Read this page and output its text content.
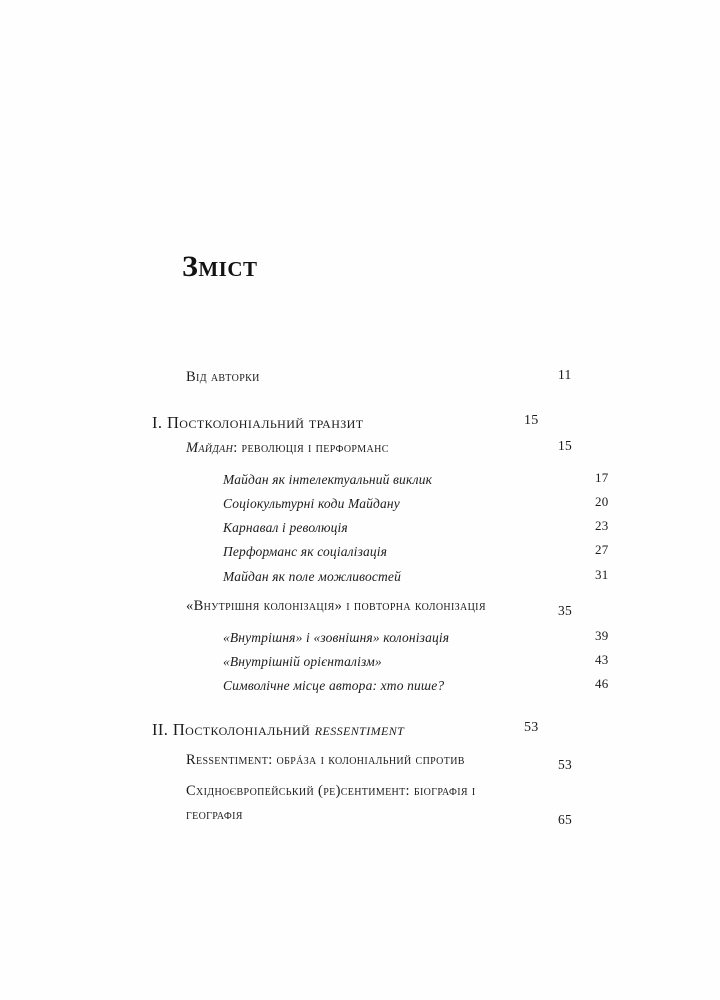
Зміст
Від авторки	11
I. Постколоніальний транзит	15
Майдан: революція і перформанс	15
Майдан як інтелектуальний виклик	17
Соціокультурні коди Майдану	20
Карнавал і революція	23
Перформанс як соціалізація	27
Майдан як поле можливостей	31
«Внутрішня колонізація» і повторна колонізація	35
«Внутрішня» і «зовнішня» колонізація	39
«Внутрішній орієнталізм»	43
Символічне місце автора: хто пише?	46
II. Постколоніальний ressentiment	53
Ressentiment: обрáза і колоніальний спротив	53
Східноєвропейський (ре)сентимент: біографія і географія	65
